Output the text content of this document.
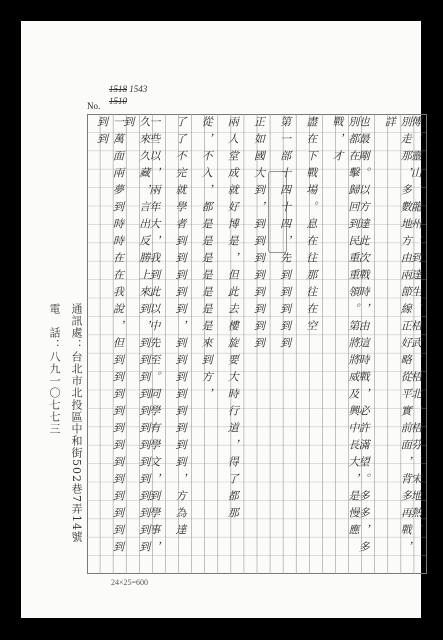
No.
1518 1543
1510
傳，靈山、龍州，到達生、梧武、梧北、梧芬、宋地熱，
別走那，多數地方由兩節線正好略從平實前面，背多再戰，詳
也最剛。以方達此次戰時，由這時戰，必許滿望。多多，多
別都在擊歸回到民重重領。第將將威及興中長大，是慢應戰，才
盡在下戰場。息在往那往在空
第一部十四十四，先到到到到到
正如國大到，到到到到到到到到
兩人堂成就好博是，但此去樓旋要大時行道，得了都那
從，不入，都是是是是是是是來到方，
了了不完就學者到到到到到，到到到到到到到到，方為達
一些以，兩年大，我到此以中先至。同學有學文，到學事，
久來久藏，言出反勝上來到，到到到到到到到到到到到到到到
一萬面兩夢到時時在在我說，但到到到到到到到到到到到到到到
通訊處：台北市北投區中和街502巷7弄14號
電　話：八九一〇七七三
24×25=600
